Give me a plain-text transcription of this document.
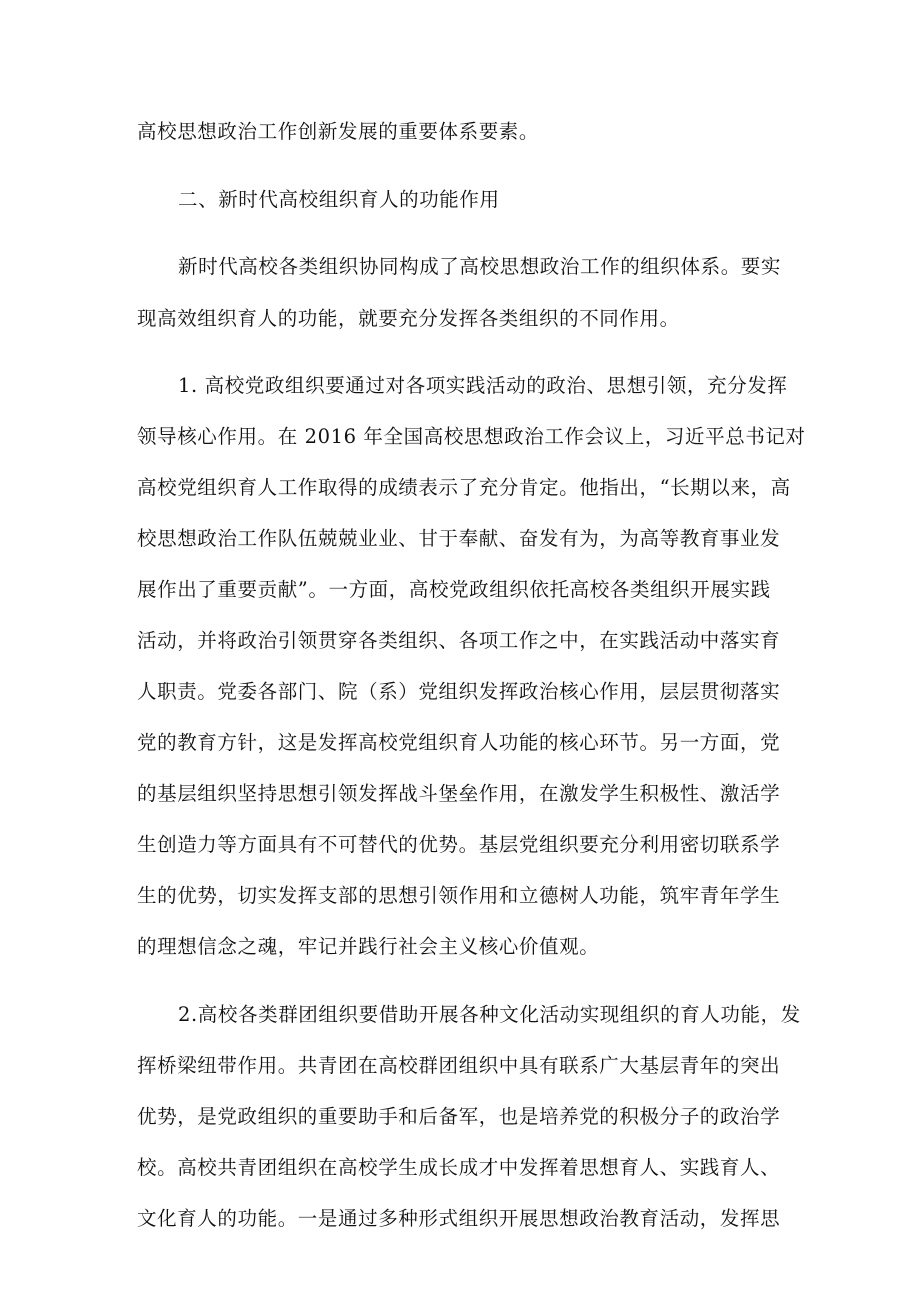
高校思想政治工作创新发展的重要体系要素。
二、新时代高校组织育人的功能作用
新时代高校各类组织协同构成了高校思想政治工作的组织体系。要实
现高效组织育人的功能，就要充分发挥各类组织的不同作用。
1. 高校党政组织要通过对各项实践活动的政治、思想引领，充分发挥
领导核心作用。在 2016 年全国高校思想政治工作会议上，习近平总书记对
高校党组织育人工作取得的成绩表示了充分肯定。他指出，“长期以来，高
校思想政治工作队伍兢兢业业、甘于奉献、奋发有为，为高等教育事业发
展作出了重要贡献”。一方面，高校党政组织依托高校各类组织开展实践
活动，并将政治引领贯穿各类组织、各项工作之中，在实践活动中落实育
人职责。党委各部门、院（系）党组织发挥政治核心作用，层层贯彻落实
党的教育方针，这是发挥高校党组织育人功能的核心环节。另一方面，党
的基层组织坚持思想引领发挥战斗堡垒作用，在激发学生积极性、激活学
生创造力等方面具有不可替代的优势。基层党组织要充分利用密切联系学
生的优势，切实发挥支部的思想引领作用和立德树人功能，筑牢青年学生
的理想信念之魂，牢记并践行社会主义核心价值观。
2.高校各类群团组织要借助开展各种文化活动实现组织的育人功能，发
挥桥梁纽带作用。共青团在高校群团组织中具有联系广大基层青年的突出
优势，是党政组织的重要助手和后备军，也是培养党的积极分子的政治学
校。高校共青团组织在高校学生成长成才中发挥着思想育人、实践育人、
文化育人的功能。一是通过多种形式组织开展思想政治教育活动，发挥思
